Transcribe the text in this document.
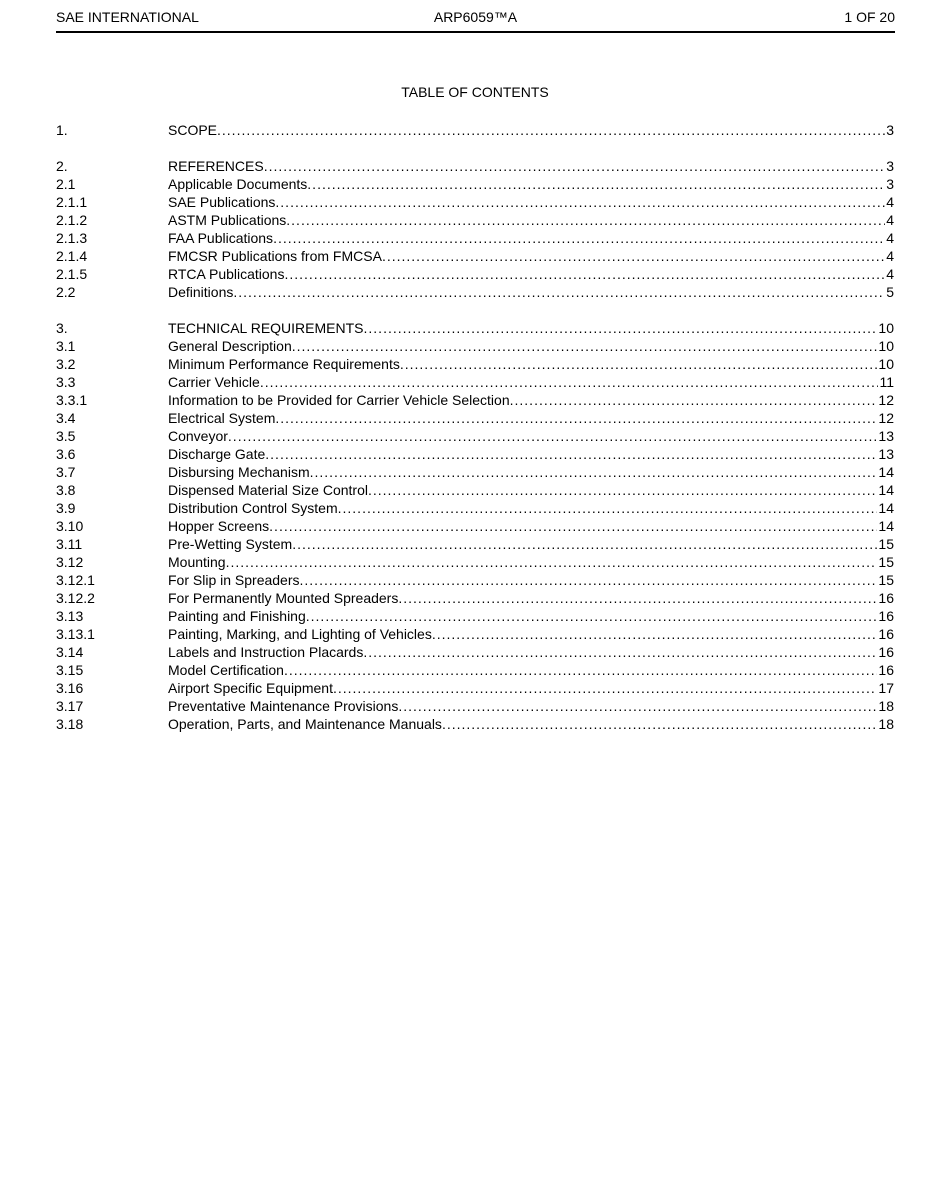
SAE INTERNATIONAL	ARP6059™A	1 OF 20
TABLE OF CONTENTS
1.	SCOPE .....	3
2.	REFERENCES .....	3
2.1	Applicable Documents .....	3
2.1.1	SAE Publications .....	4
2.1.2	ASTM Publications .....	4
2.1.3	FAA Publications .....	4
2.1.4	FMCSR Publications from FMCSA .....	4
2.1.5	RTCA Publications .....	4
2.2	Definitions .....	5
3.	TECHNICAL REQUIREMENTS .....	10
3.1	General Description .....	10
3.2	Minimum Performance Requirements .....	10
3.3	Carrier Vehicle .....	11
3.3.1	Information to be Provided for Carrier Vehicle Selection .....	12
3.4	Electrical System .....	12
3.5	Conveyor .....	13
3.6	Discharge Gate .....	13
3.7	Disbursing Mechanism .....	14
3.8	Dispensed Material Size Control .....	14
3.9	Distribution Control System .....	14
3.10	Hopper Screens .....	14
3.11	Pre-Wetting System .....	15
3.12	Mounting .....	15
3.12.1	For Slip in Spreaders .....	15
3.12.2	For Permanently Mounted Spreaders .....	16
3.13	Painting and Finishing .....	16
3.13.1	Painting, Marking, and Lighting of Vehicles .....	16
3.14	Labels and Instruction Placards .....	16
3.15	Model Certification .....	16
3.16	Airport Specific Equipment .....	17
3.17	Preventative Maintenance Provisions .....	18
3.18	Operation, Parts, and Maintenance Manuals .....	18
